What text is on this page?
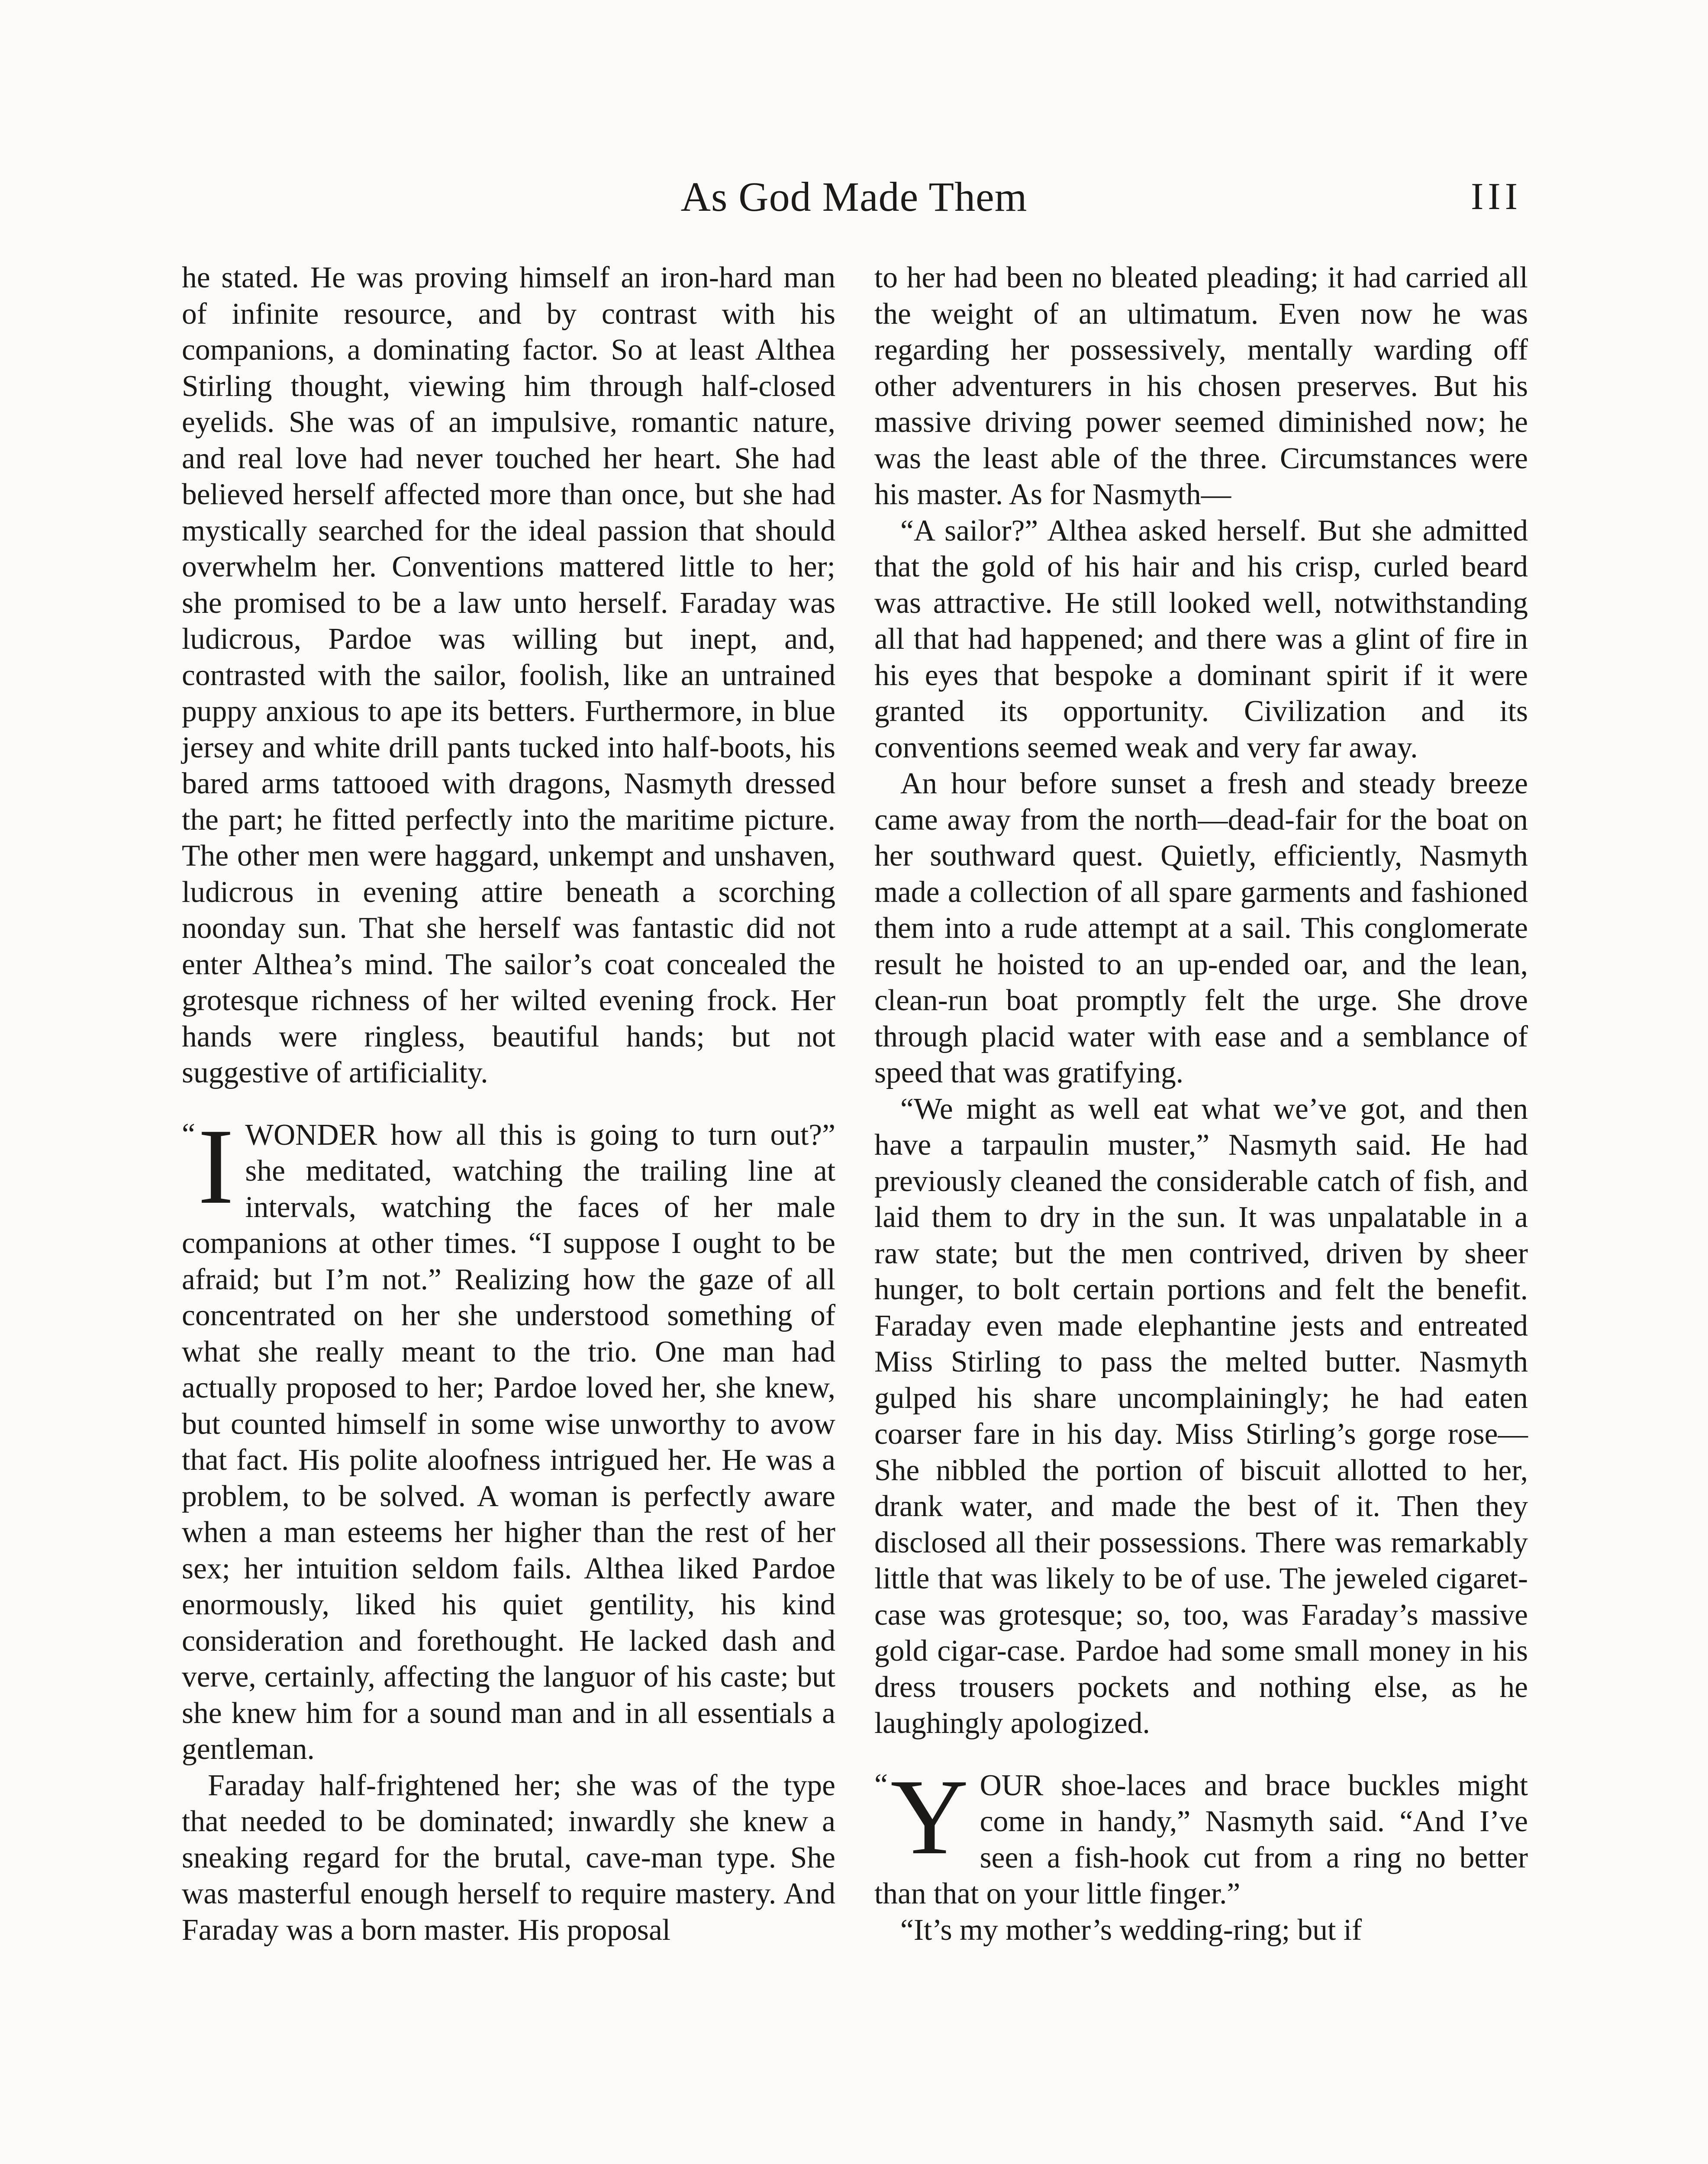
As God Made Them	III

he stated. He was proving himself an iron-hard man of infinite resource, and by contrast with his companions, a dominating factor. So at least Althea Stirling thought, viewing him through half-closed eyelids. She was of an impulsive, romantic nature, and real love had never touched her heart. She had believed herself affected more than once, but she had mystically searched for the ideal passion that should overwhelm her. Conventions mattered little to her; she promised to be a law unto herself. Faraday was ludicrous, Pardoe was willing but inept, and, contrasted with the sailor, foolish, like an untrained puppy anxious to ape its betters. Furthermore, in blue jersey and white drill pants tucked into half-boots, his bared arms tattooed with dragons, Nasmyth dressed the part; he fitted perfectly into the maritime picture. The other men were haggard, unkempt and unshaven, ludicrous in evening attire beneath a scorching noonday sun. That she herself was fantastic did not enter Althea’s mind. The sailor’s coat concealed the grotesque richness of her wilted evening frock. Her hands were ringless, beautiful hands; but not suggestive of artificiality.

“ I WONDER how all this is going to turn out?” she meditated, watching the trailing line at intervals, watching the faces of her male companions at other times. “I suppose I ought to be afraid; but I’m not.” Realizing how the gaze of all concentrated on her she understood something of what she really meant to the trio. One man had actually proposed to her; Pardoe loved her, she knew, but counted himself in some wise unworthy to avow that fact. His polite aloofness intrigued her. He was a problem, to be solved. A woman is perfectly aware when a man esteems her higher than the rest of her sex; her intuition seldom fails. Althea liked Pardoe enormously, liked his quiet gentility, his kind consideration and forethought. He lacked dash and verve, certainly, affecting the languor of his caste; but she knew him for a sound man and in all essentials a gentleman.

Faraday half-frightened her; she was of the type that needed to be dominated; inwardly she knew a sneaking regard for the brutal, cave-man type. She was masterful enough herself to require mastery. And Faraday was a born master. His proposal

to her had been no bleated pleading; it had carried all the weight of an ultimatum. Even now he was regarding her possessively, mentally warding off other adventurers in his chosen preserves. But his massive driving power seemed diminished now; he was the least able of the three. Circumstances were his master. As for Nasmyth—

“A sailor?” Althea asked herself. But she admitted that the gold of his hair and his crisp, curled beard was attractive. He still looked well, notwithstanding all that had happened; and there was a glint of fire in his eyes that bespoke a dominant spirit if it were granted its opportunity. Civilization and its conventions seemed weak and very far away.

An hour before sunset a fresh and steady breeze came away from the north—dead-fair for the boat on her southward quest. Quietly, efficiently, Nasmyth made a collection of all spare garments and fashioned them into a rude attempt at a sail. This conglomerate result he hoisted to an up-ended oar, and the lean, clean-run boat promptly felt the urge. She drove through placid water with ease and a semblance of speed that was gratifying.

“We might as well eat what we’ve got, and then have a tarpaulin muster,” Nasmyth said. He had previously cleaned the considerable catch of fish, and laid them to dry in the sun. It was unpalatable in a raw state; but the men contrived, driven by sheer hunger, to bolt certain portions and felt the benefit. Faraday even made elephantine jests and entreated Miss Stirling to pass the melted butter. Nasmyth gulped his share uncomplainingly; he had eaten coarser fare in his day. Miss Stirling’s gorge rose— She nibbled the portion of biscuit allotted to her, drank water, and made the best of it. Then they disclosed all their possessions. There was remarkably little that was likely to be of use. The jeweled cigaret-case was grotesque; so, too, was Faraday’s massive gold cigar-case. Pardoe had some small money in his dress trousers pockets and nothing else, as he laughingly apologized.

“ Y OUR shoe-laces and brace buckles might come in handy,” Nasmyth said. “And I’ve seen a fish-hook cut from a ring no better than that on your little finger.”

“It’s my mother’s wedding-ring; but if
